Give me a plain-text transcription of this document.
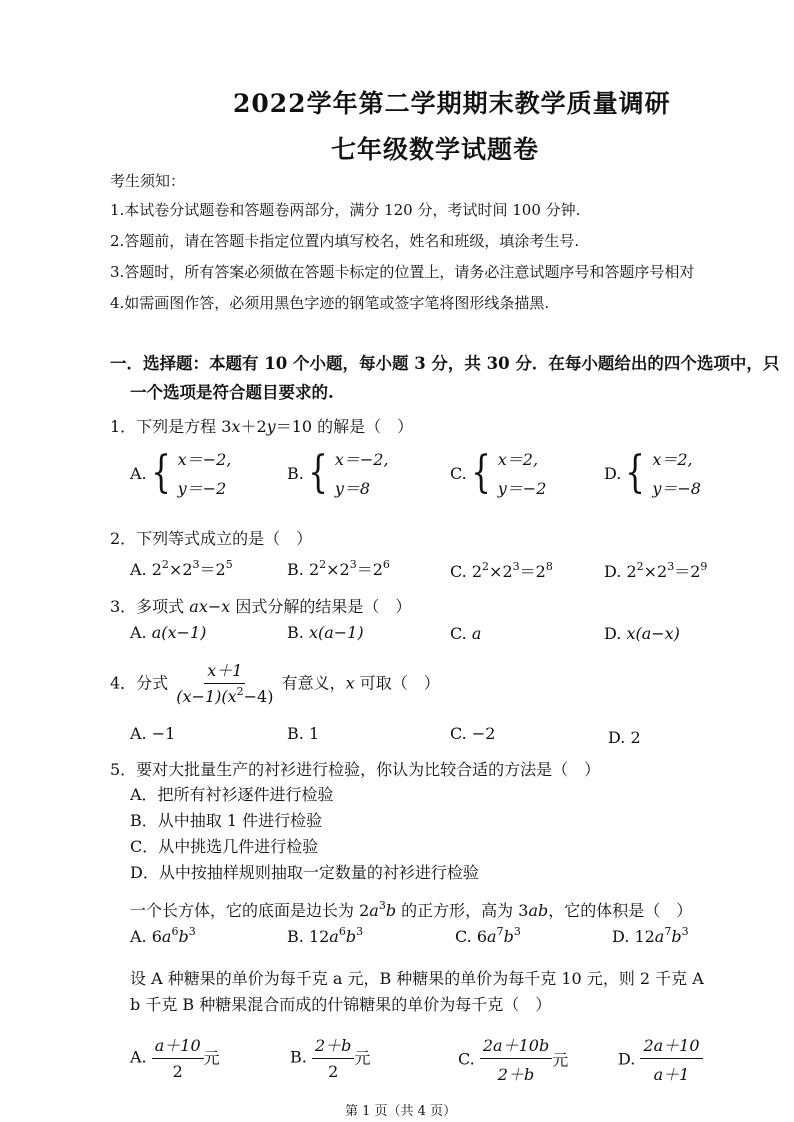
2022学年第二学期期末教学质量调研
七年级数学试题卷
考生须知：
1.本试卷分试题卷和答题卷两部分，满分 120 分，考试时间 100 分钟.
2.答题前，请在答题卡指定位置内填写校名，姓名和班级，填涂考生号.
3.答题时，所有答案必须做在答题卡标定的位置上，请务必注意试题序号和答题序号相对
4.如需画图作答，必须用黑色字迹的钢笔或签字笔将图形线条描黑.
一．选择题：本题有 10 个小题，每小题 3 分，共 30 分．在每小题给出的四个选项中，只
一个选项是符合题目要求的.
1．下列是方程 3x＋2y＝10 的解是（　）
A. { x＝−2,
y＝−2
B. { x＝−2,
y＝8
C. { x＝2,
y＝−2
D. { x＝2,
y＝−8
2．下列等式成立的是（　）
A. $2^2\times 2^3=2^5$	B. $2^2\times 2^3=2^6$	C. $2^2\times 2^3=2^8$	D. $2^2\times 2^3=2^9$
3．多项式 ax−x 因式分解的结果是（　）
A. a(x−1)	B. x(a−1)	C. a	D. x(a−x)
4．分式 $\frac{x+1}{(x-1)(x^2-4)}$ 有意义，x 可取（　）
A. −1	B. 1	C. −2	D. 2
5．要对大批量生产的衬衫进行检验，你认为比较合适的方法是（　）
A．把所有衬衫逐件进行检验
B．从中抽取 1 件进行检验
C．从中挑选几件进行检验
D．从中按抽样规则抽取一定数量的衬衫进行检验
一个长方体，它的底面是边长为 $2a^3b$ 的正方形，高为 3ab，它的体积是（　）
A. $6a^6b^3$	B. $12a^6b^3$	C. $6a^7b^3$	D. $12a^7b^3$
设 A 种糖果的单价为每千克 a 元，B 种糖果的单价为每千克 10 元，则 2 千克 A
b 千克 B 种糖果混合而成的什锦糖果的单价为每千克（　）
A. $\frac{a+10}{2}$ 元	B. $\frac{2+b}{2}$ 元	C. $\frac{2a+10b}{2+b}$ 元	D. $\frac{2a+10}{a+1}$
第 1 页（共 4 页）
